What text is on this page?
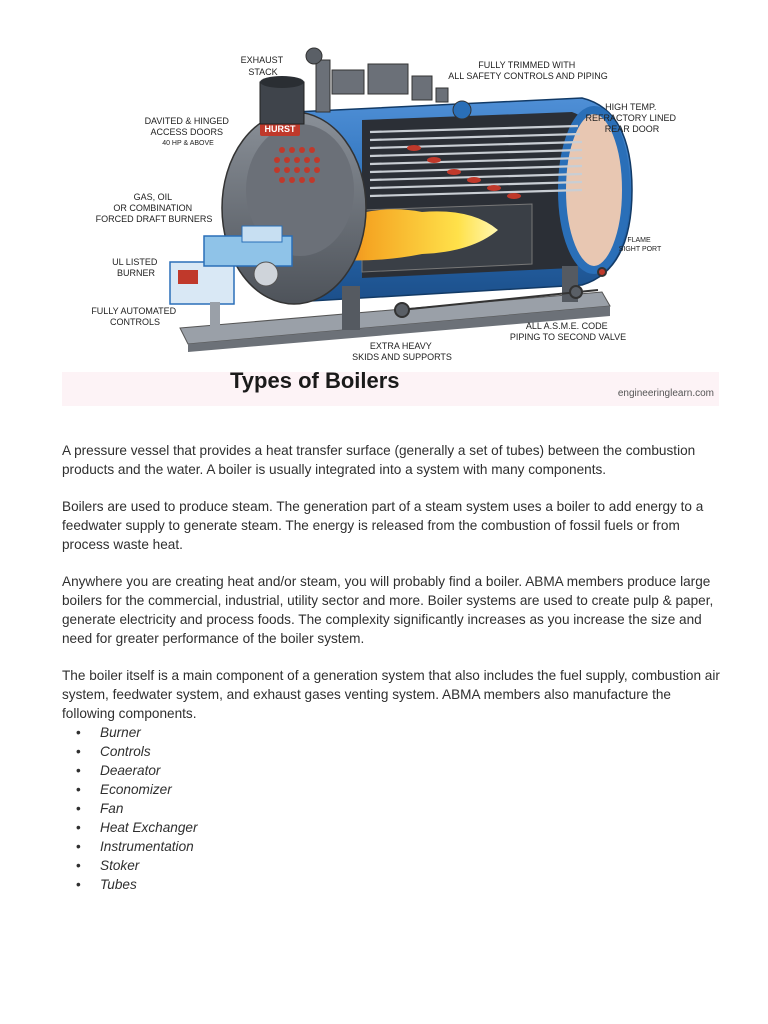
HURST
EXHAUST STACK
FULLY TRIMMED WITH ALL SAFETY CONTROLS AND PIPING
DAVITED & HINGED ACCESS DOORS 40 HP & ABOVE
HIGH TEMP. REFRACTORY LINED REAR DOOR
GAS, OIL OR COMBINATION FORCED DRAFT BURNERS
UL LISTED BURNER
FLAME SIGHT PORT
FULLY AUTOMATED CONTROLS	ALL A.S.M.E. CODE PIPING TO SECOND VALVE
EXTRA HEAVY SKIDS AND SUPPORTS
Types of Boilers
engineeringlearn.com

A pressure vessel that provides a heat transfer surface (generally a set of tubes) between the combustion products and the water. A boiler is usually integrated into a system with many components.

Boilers are used to produce steam. The generation part of a steam system uses a boiler to add energy to a feedwater supply to generate steam. The energy is released from the combustion of fossil fuels or from process waste heat.

Anywhere you are creating heat and/or steam, you will probably find a boiler. ABMA members produce large boilers for the commercial, industrial, utility sector and more. Boiler systems are used to create pulp & paper, generate electricity and process foods. The complexity significantly increases as you increase the size and need for greater performance of the boiler system.

The boiler itself is a main component of a generation system that also includes the fuel supply, combustion air system, feedwater system, and exhaust gases venting system. ABMA members also manufacture the following components.

• Burner
• Controls
• Deaerator
• Economizer
• Fan
• Heat Exchanger
• Instrumentation
• Stoker
• Tubes
